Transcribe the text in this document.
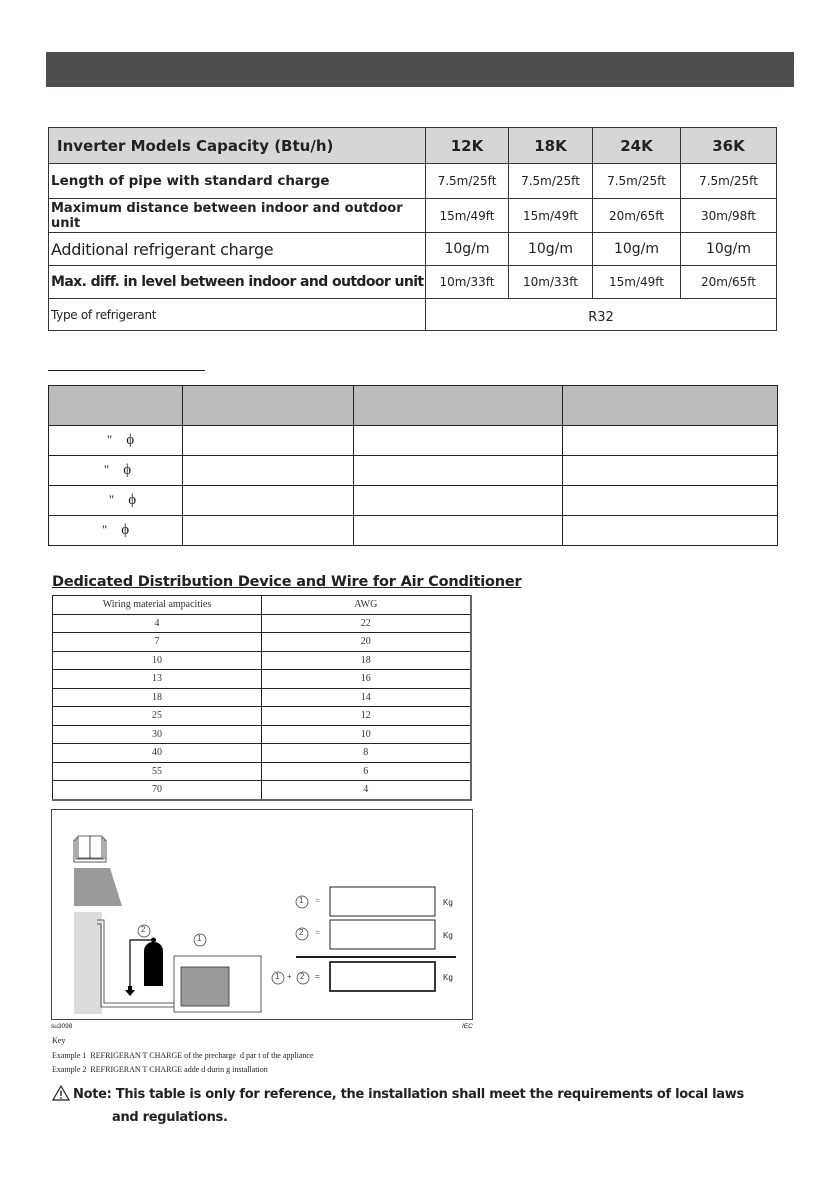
Inverter Models Capacity (Btu/h)	12K	18K	24K	36K
Length of pipe with standard charge	7.5m/25ft	7.5m/25ft	7.5m/25ft	7.5m/25ft
Maximum distance between indoor and outdoor unit	15m/49ft	15m/49ft	20m/65ft	30m/98ft
Additional refrigerant charge	10g/m	10g/m	10g/m	10g/m
Max. diff. in level between indoor and outdoor unit	10m/33ft	10m/33ft	15m/49ft	20m/65ft
Type of refrigerant	R32			

" ϕ			
" ϕ			
" ϕ			
" ϕ			
Dedicated Distribution Device and Wire for Air Conditioner
Wiring material ampacities	AWG
4	22
7	20
10	18
13	16
18	14
25	12
30	10
40	8
55	6
70	4
2
1
1 =	Kg
2 =	Kg
1 + 2 =	Kg
su3098	IEC
Key
Example 1  REFRIGERAN T CHARGE of the precharge  d par t of the appliance
Example 2  REFRIGERAN T CHARGE adde d durin g installation
Note: This table is only for reference, the installation shall meet the requirements of local laws
and regulations.
